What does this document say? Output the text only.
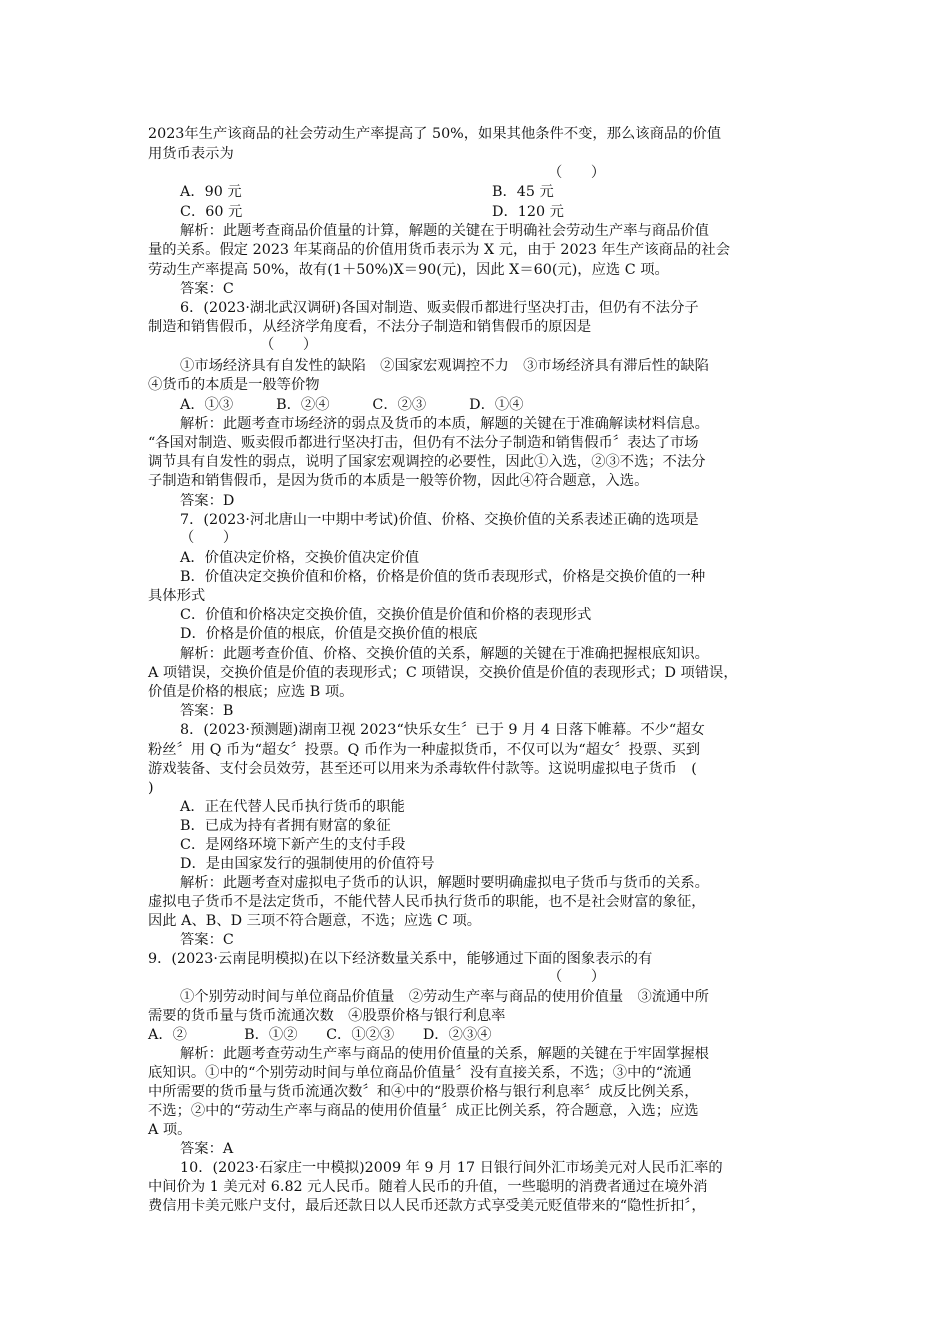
2023年生产该商品的社会劳动生产率提高了 50%，如果其他条件不变，那么该商品的价值
用货币表示为
（　　）
A．90 元	B．45 元
C．60 元	D．120 元
解析：此题考查商品价值量的计算，解题的关键在于明确社会劳动生产率与商品价值
量的关系。假定 2023 年某商品的价值用货币表示为 X 元，由于 2023 年生产该商品的社会
劳动生产率提高 50%，故有(1＋50%)X＝90(元)，因此 X＝60(元)，应选 C 项。
答案：C
6．(2023·湖北武汉调研)各国对制造、贩卖假币都进行坚决打击，但仍有不法分子
制造和销售假币，从经济学角度看，不法分子制造和销售假币的原因是
（　　）
①市场经济具有自发性的缺陷　②国家宏观调控不力　③市场经济具有滞后性的缺陷
④货币的本质是一般等价物
A．①③　　　B．②④　　　C．②③　　　D．①④
解析：此题考查市场经济的弱点及货币的本质，解题的关键在于准确解读材料信息。
“各国对制造、贩卖假币都进行坚决打击，但仍有不法分子制造和销售假币〞表达了市场
调节具有自发性的弱点，说明了国家宏观调控的必要性，因此①入选，②③不选；不法分
子制造和销售假币，是因为货币的本质是一般等价物，因此④符合题意，入选。
答案：D
7．(2023·河北唐山一中期中考试)价值、价格、交换价值的关系表述正确的选项是
（　　）
A．价值决定价格，交换价值决定价值
B．价值决定交换价值和价格，价格是价值的货币表现形式，价格是交换价值的一种
具体形式
C．价值和价格决定交换价值，交换价值是价值和价格的表现形式
D．价格是价值的根底，价值是交换价值的根底
解析：此题考查价值、价格、交换价值的关系，解题的关键在于准确把握根底知识。
A 项错误，交换价值是价值的表现形式；C 项错误，交换价值是价值的表现形式；D 项错误，
价值是价格的根底；应选 B 项。
答案：B
8．(2023·预测题)湖南卫视 2023“快乐女生〞已于 9 月 4 日落下帷幕。不少“超女
粉丝〞用 Q 币为“超女〞投票。Q 币作为一种虚拟货币，不仅可以为“超女〞投票、买到
游戏装备、支付会员效劳，甚至还可以用来为杀毒软件付款等。这说明虚拟电子货币　(
)
A．正在代替人民币执行货币的职能
B．已成为持有者拥有财富的象征
C．是网络环境下新产生的支付手段
D．是由国家发行的强制使用的价值符号
解析：此题考查对虚拟电子货币的认识，解题时要明确虚拟电子货币与货币的关系。
虚拟电子货币不是法定货币，不能代替人民币执行货币的职能，也不是社会财富的象征，
因此 A、B、D 三项不符合题意，不选；应选 C 项。
答案：C
9．(2023·云南昆明模拟)在以下经济数量关系中，能够通过下面的图象表示的有
（　　）
①个别劳动时间与单位商品价值量　②劳动生产率与商品的使用价值量　③流通中所
需要的货币量与货币流通次数　④股票价格与银行利息率
A．②　　　　B．①②　　C．①②③　　D．②③④
解析：此题考查劳动生产率与商品的使用价值量的关系，解题的关键在于牢固掌握根
底知识。①中的“个别劳动时间与单位商品价值量〞没有直接关系，不选；③中的“流通
中所需要的货币量与货币流通次数〞和④中的“股票价格与银行利息率〞成反比例关系，
不选；②中的“劳动生产率与商品的使用价值量〞成正比例关系，符合题意，入选；应选
A 项。
答案：A
10．(2023·石家庄一中模拟)2009 年 9 月 17 日银行间外汇市场美元对人民币汇率的
中间价为 1 美元对 6.82 元人民币。随着人民币的升值，一些聪明的消费者通过在境外消
费信用卡美元账户支付，最后还款日以人民币还款方式享受美元贬值带来的“隐性折扣〞，
